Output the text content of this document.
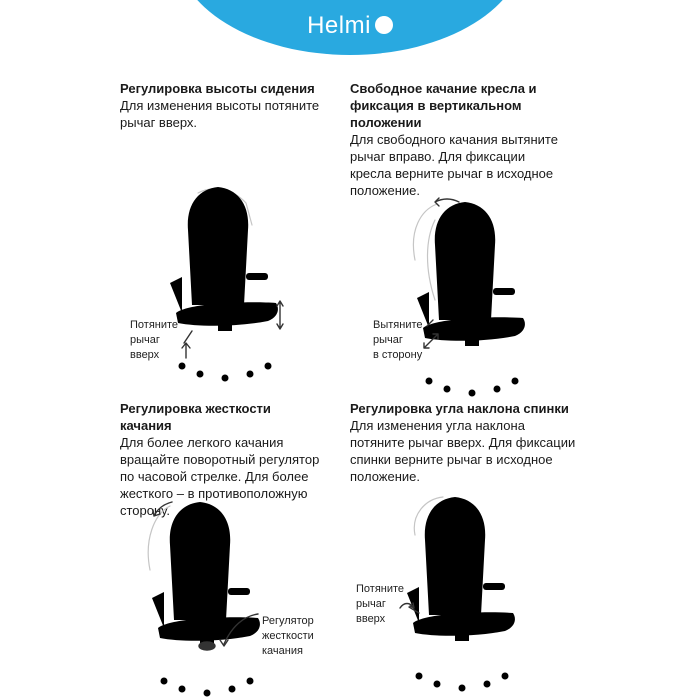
Helmi
Регулировка высоты сидения
Для изменения высоты потяните рычаг вверх.
Свободное качание кресла и фиксация в вертикальном положении
Для свободного качания вытяните рычаг вправо. Для фиксации кресла верните рычаг в исходное положение.
Регулировка жесткости качания
Для более легкого качания вращайте поворотный регулятор по часовой стрелке. Для более жесткого – в противоположную сторону.
Регулировка угла наклона спинки
Для изменения угла наклона потяните рычаг вверх. Для фиксации спинки верните рычаг в исходное положение.
Потяните
рычаг
вверх
Вытяните
рычаг
в сторону
Регулятор
жесткости
качания
Потяните
рычаг
вверх
